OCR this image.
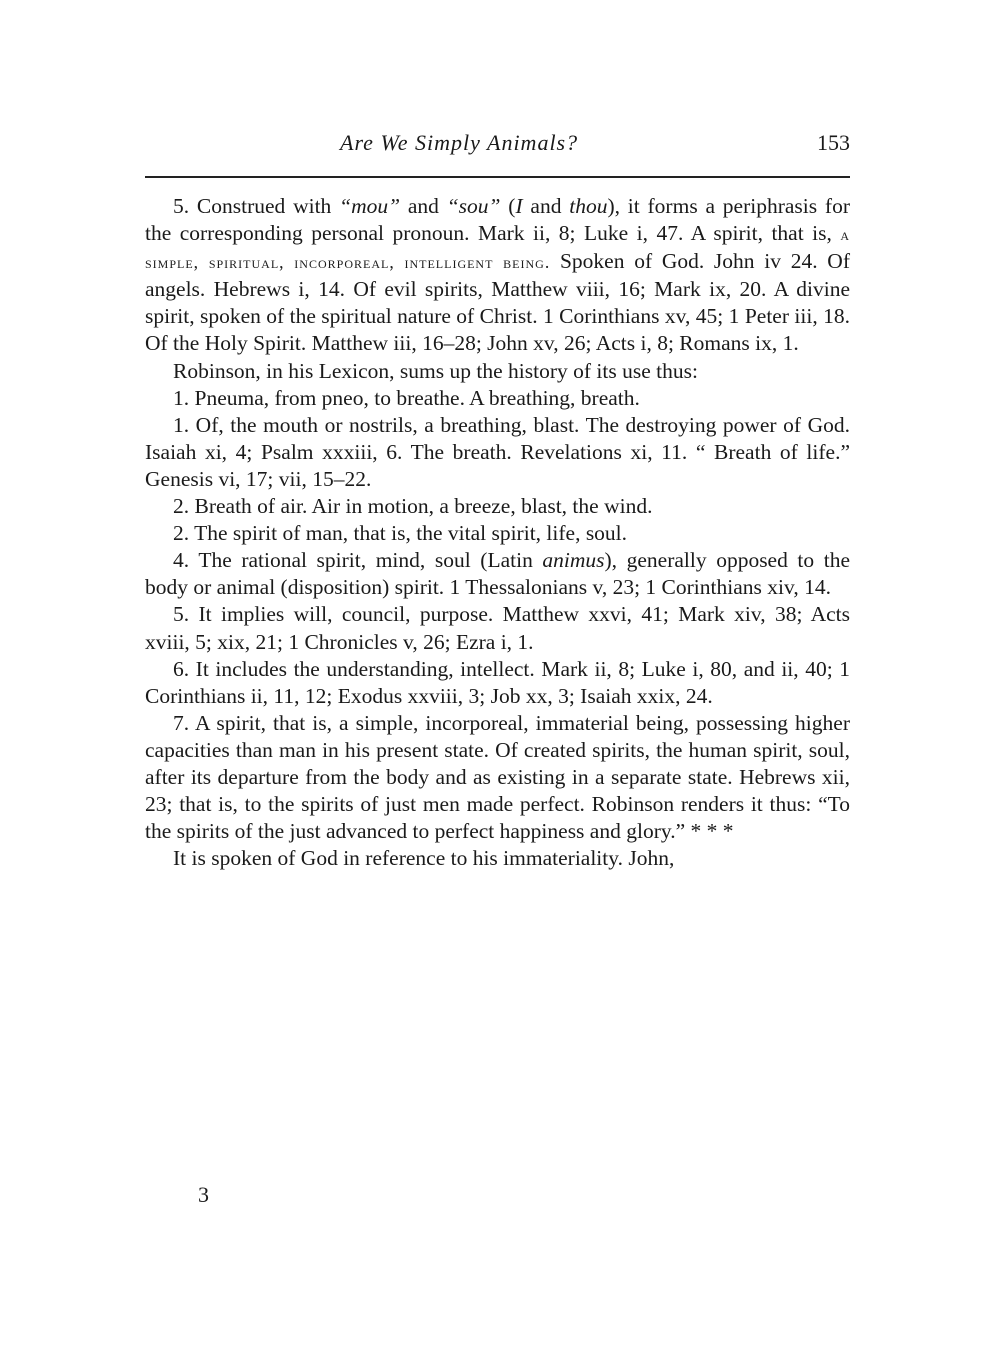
Are We Simply Animals?	153

5. Construed with “mou” and “sou” (I and thou), it forms a periphrasis for the corresponding personal pronoun. Mark ii, 8; Luke i, 47. A spirit, that is, a simple, spiritual, incorporeal, intelligent being. Spoken of God. John iv 24. Of angels. Hebrews i, 14. Of evil spirits, Matthew viii, 16; Mark ix, 20. A divine spirit, spoken of the spiritual nature of Christ. 1 Corinthians xv, 45; 1 Peter iii, 18. Of the Holy Spirit. Matthew iii, 16–28; John xv, 26; Acts i, 8; Romans ix, 1.

Robinson, in his Lexicon, sums up the history of its use thus:

1. Pneuma, from pneo, to breathe. A breathing, breath.

1. Of, the mouth or nostrils, a breathing, blast. The destroying power of God. Isaiah xi, 4; Psalm xxxiii, 6. The breath. Revelations xi, 11. “ Breath of life.” Genesis vi, 17; vii, 15–22.

2. Breath of air. Air in motion, a breeze, blast, the wind.

2. The spirit of man, that is, the vital spirit, life, soul.

4. The rational spirit, mind, soul (Latin animus), generally opposed to the body or animal (disposition) spirit. 1 Thessalonians v, 23; 1 Corinthians xiv, 14.

5. It implies will, council, purpose. Matthew xxvi, 41; Mark xiv, 38; Acts xviii, 5; xix, 21; 1 Chronicles v, 26; Ezra i, 1.

6. It includes the understanding, intellect. Mark ii, 8; Luke i, 80, and ii, 40; 1 Corinthians ii, 11, 12; Exodus xxviii, 3; Job xx, 3; Isaiah xxix, 24.

7. A spirit, that is, a simple, incorporeal, immaterial being, possessing higher capacities than man in his present state. Of created spirits, the human spirit, soul, after its departure from the body and as existing in a separate state. Hebrews xii, 23; that is, to the spirits of just men made perfect. Robinson renders it thus: “To the spirits of the just advanced to perfect happiness and glory.” * * *

It is spoken of God in reference to his immateriality. John,

3
